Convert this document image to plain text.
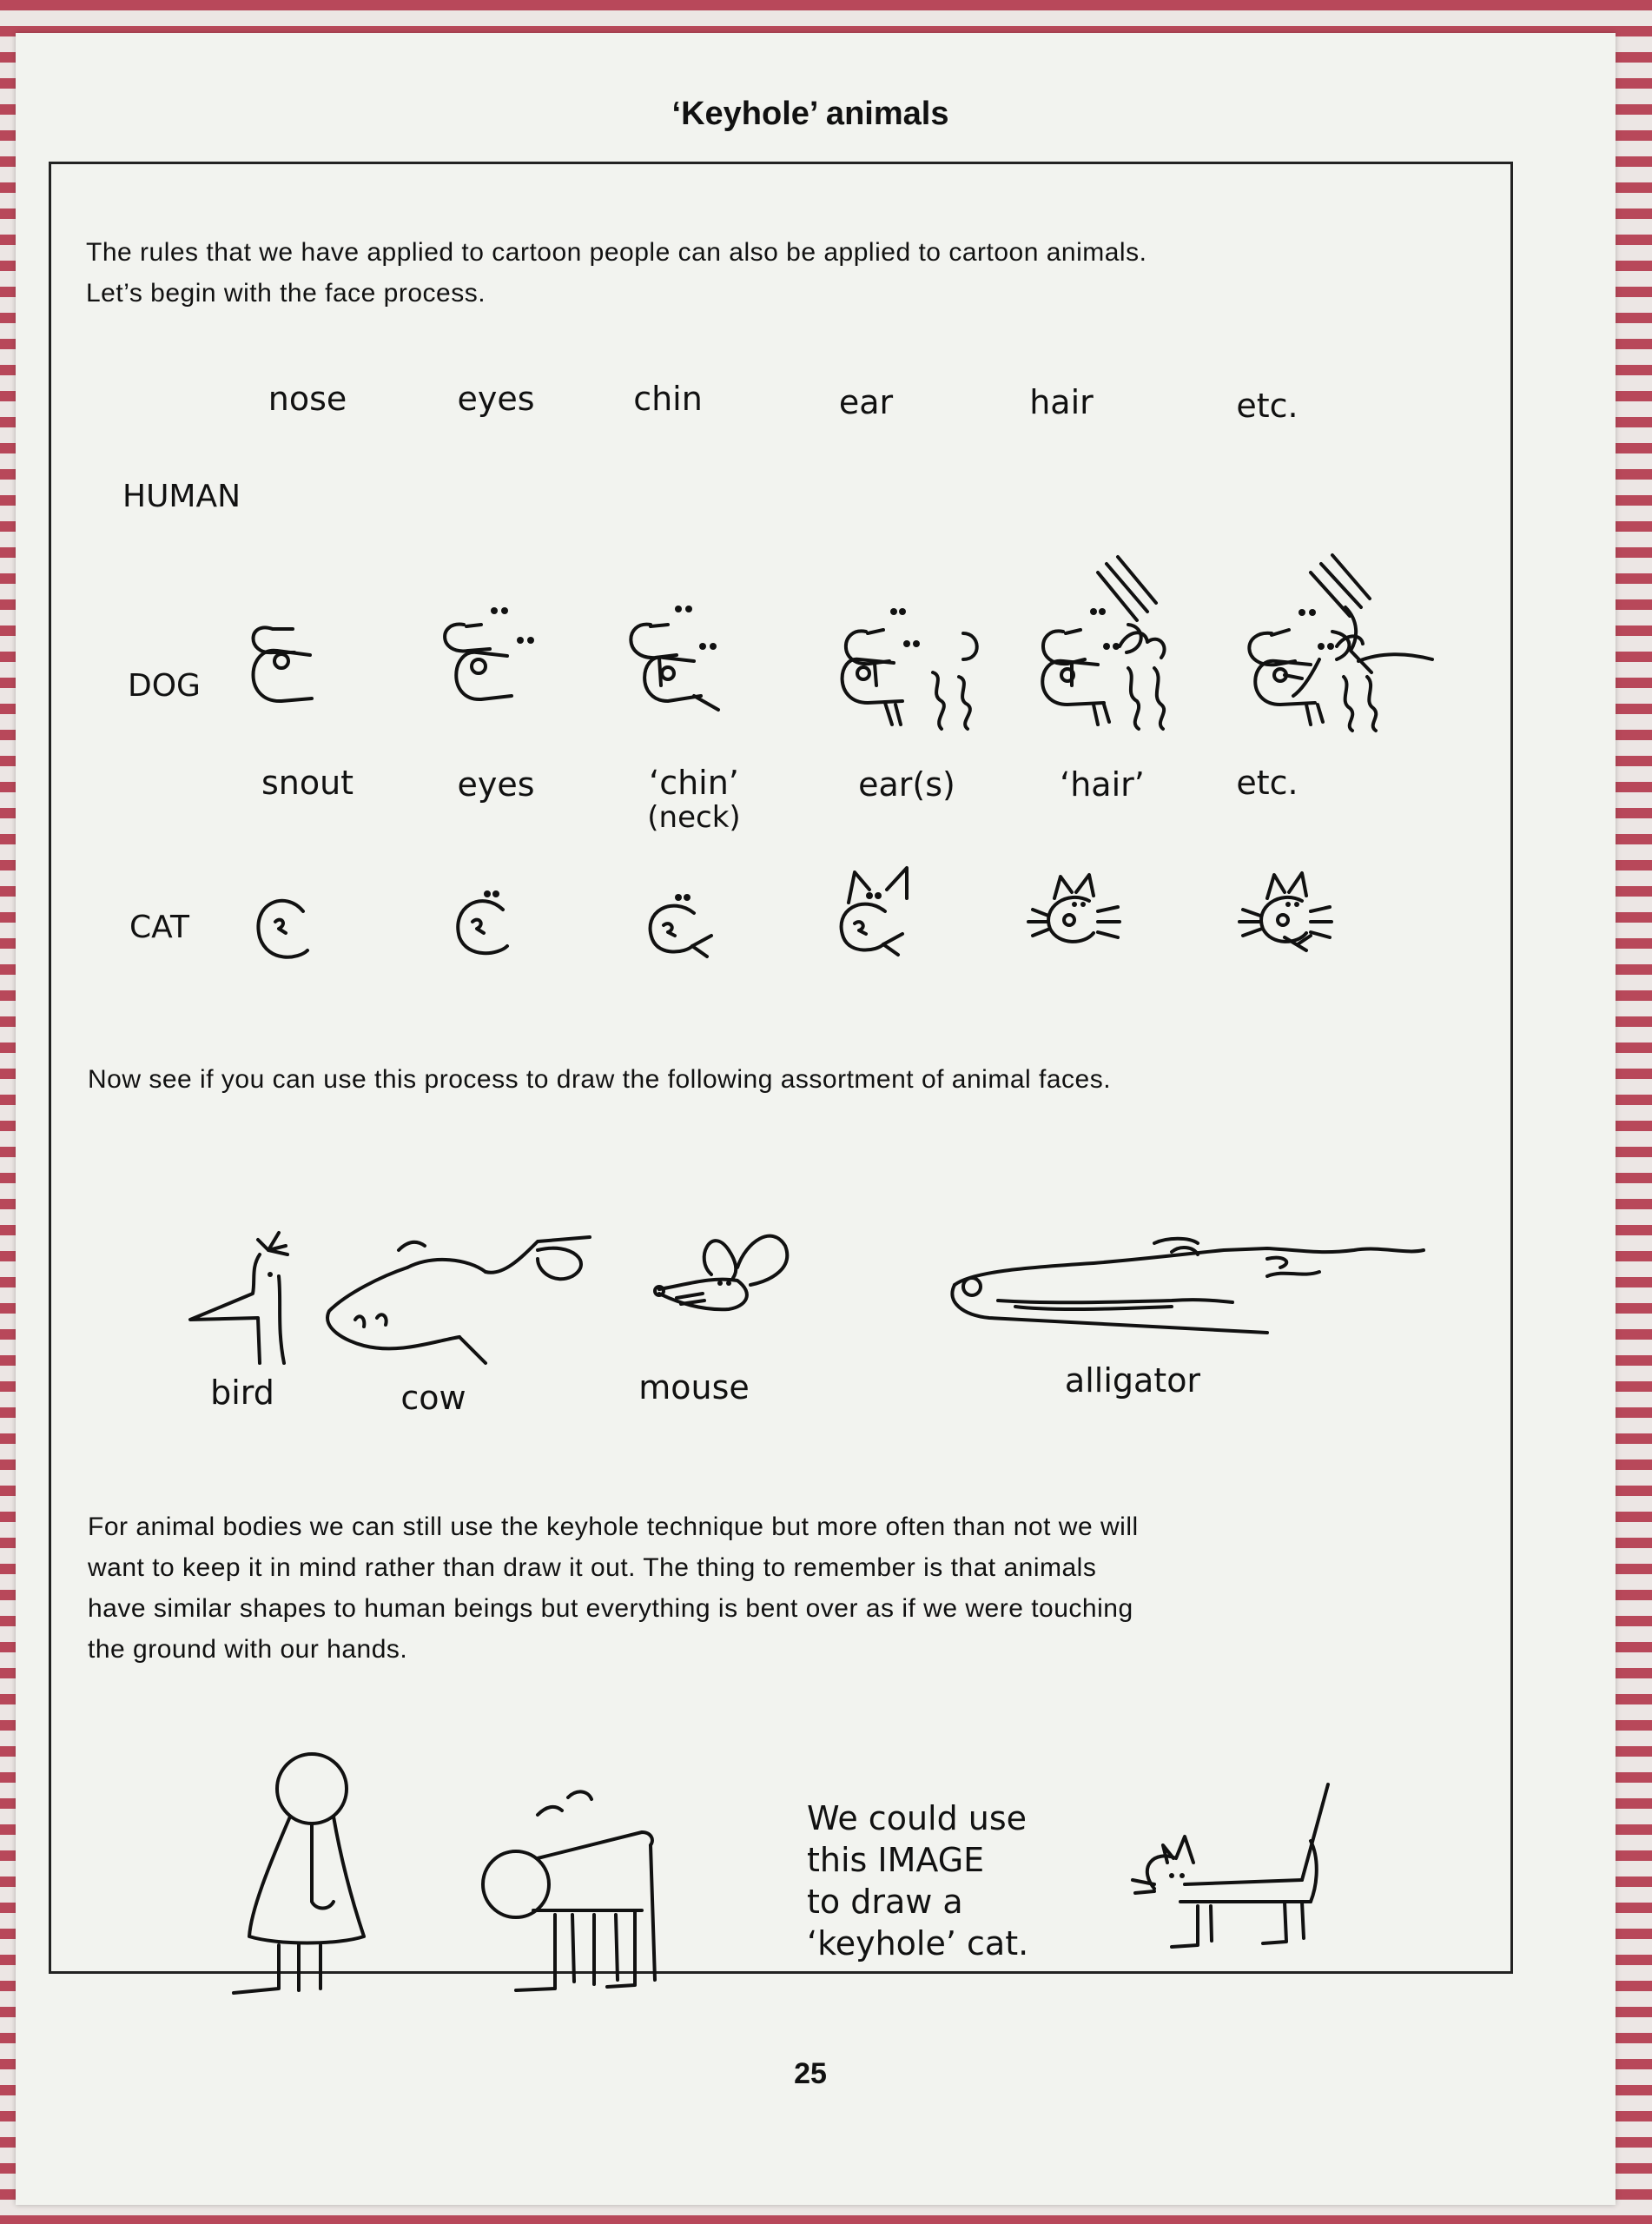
‘Keyhole’ animals
The rules that we have applied to cartoon people can also be applied to cartoon animals.
Let’s begin with the face process.
nose	eyes	chin	ear	hair	etc.
HUMAN
DOG
CAT
snout	eyes	‘chin’
(neck)
ear(s)	‘hair’	etc.
Now see if you can use this process to draw the following assortment of animal faces.
bird	cow	mouse	alligator
For animal bodies we can still use the keyhole technique but more often than not we will
want to keep it in mind rather than draw it out. The thing to remember is that animals
have similar shapes to human beings but everything is bent over as if we were touching
the ground with our hands.
We could use
this IMAGE
to draw a
‘keyhole’ cat.
25
